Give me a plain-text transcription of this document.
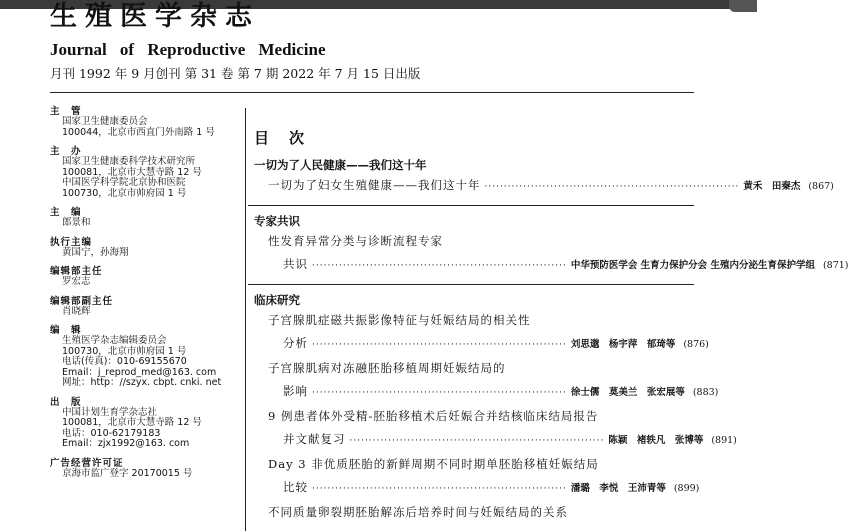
生殖医学杂志
Journal of Reproductive Medicine
月刊 1992 年 9 月创刊 第 31 卷 第 7 期 2022 年 7 月 15 日出版
主　管
国家卫生健康委员会
100044，北京市西直门外南路 1 号
主　办
国家卫生健康委科学技术研究所
100081，北京市大慧寺路 12 号
中国医学科学院北京协和医院
100730，北京市帅府园 1 号
主　编
郎景和
执行主编
黄国宁，孙海翔
编辑部主任
罗宏志
编辑部副主任
肖晓辉
编　辑
生殖医学杂志编辑委员会
100730，北京市帅府园 1 号
电话(传真)：010-69155670
Email：j_reprod_med@163. com
网址：http：//szyx. cbpt. cnki. net
出　版
中国计划生育学杂志社
100081，北京市大慧寺路 12 号
电话：010-62179183
Email：zjx1992@163. com
广告经营许可证
京海市监广登字 20170015 号
目次
一切为了人民健康——我们这十年
一切为了妇女生殖健康——我们这十年 ·································································· 黄禾　田秦杰 (867)
专家共识
性发育异常分类与诊断流程专家
共识 ·································································· 中华预防医学会 生育力保护分会 生殖内分泌生育保护学组 (871)
临床研究
子宫腺肌症磁共振影像特征与妊娠结局的相关性
分析 ·································································· 刘思邈　杨宇萍　郁琦等 (876)
子宫腺肌病对冻融胚胎移植周期妊娠结局的
影响 ·································································· 徐士儒　莫美兰　张宏展等 (883)
9 例患者体外受精-胚胎移植术后妊娠合并结核临床结局报告
并文献复习 ·································································· 陈颖　褚轶凡　张博等 (891)
Day 3 非优质胚胎的新鲜周期不同时期单胚胎移植妊娠结局
比较 ·································································· 潘璐　李悦　王沛青等 (899)
不同质量卵裂期胚胎解冻后培养时间与妊娠结局的关系
